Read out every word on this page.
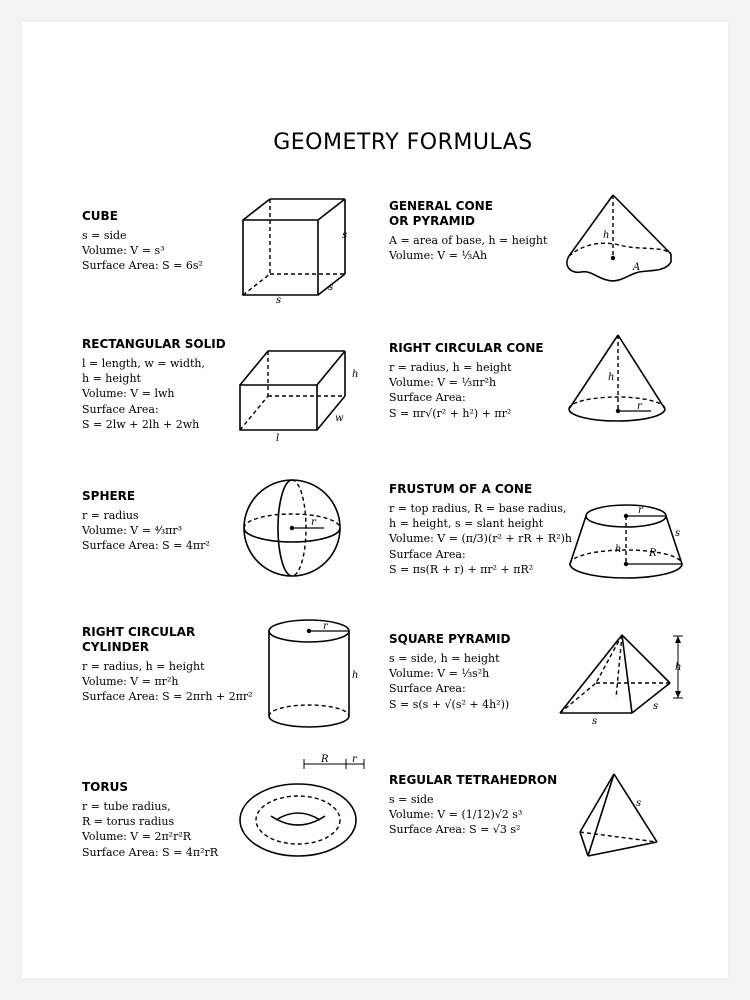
GEOMETRY FORMULAS
CUBE
s = side
Volume: V = s³
Surface Area: S = 6s²
RECTANGULAR SOLID
l = length, w = width,
h = height
Volume: V = lwh
Surface Area:
S = 2lw + 2lh + 2wh
SPHERE
r = radius
Volume: V = ⁴⁄₃πr³
Surface Area: S = 4πr²
RIGHT CIRCULAR
CYLINDER
r = radius, h = height
Volume: V = πr²h
Surface Area: S = 2πrh + 2πr²
TORUS
r = tube radius,
R = torus radius
Volume: V = 2π²r²R
Surface Area: S = 4π²rR
GENERAL CONE
OR PYRAMID
A = area of base, h = height
Volume: V = ⅓Ah
RIGHT CIRCULAR CONE
r = radius, h = height
Volume: V = ⅓πr²h
Surface Area:
S = πr√(r² + h²) + πr²
FRUSTUM OF A CONE
r = top radius, R = base radius,
h = height, s = slant height
Volume: V = (π/3)(r² + rR + R²)h
Surface Area:
S = πs(R + r) + πr² + πR²
SQUARE PYRAMID
s = side, h = height
Volume: V = ⅓s²h
Surface Area:
S = s(s + √(s² + 4h²))
REGULAR TETRAHEDRON
s = side
Volume: V = (1/12)√2 s³
Surface Area: S = √3 s²
s
s
s
h
w
l
r
r
h
R r
h
A
h
r
r
h	R
s
h
s
s
s
